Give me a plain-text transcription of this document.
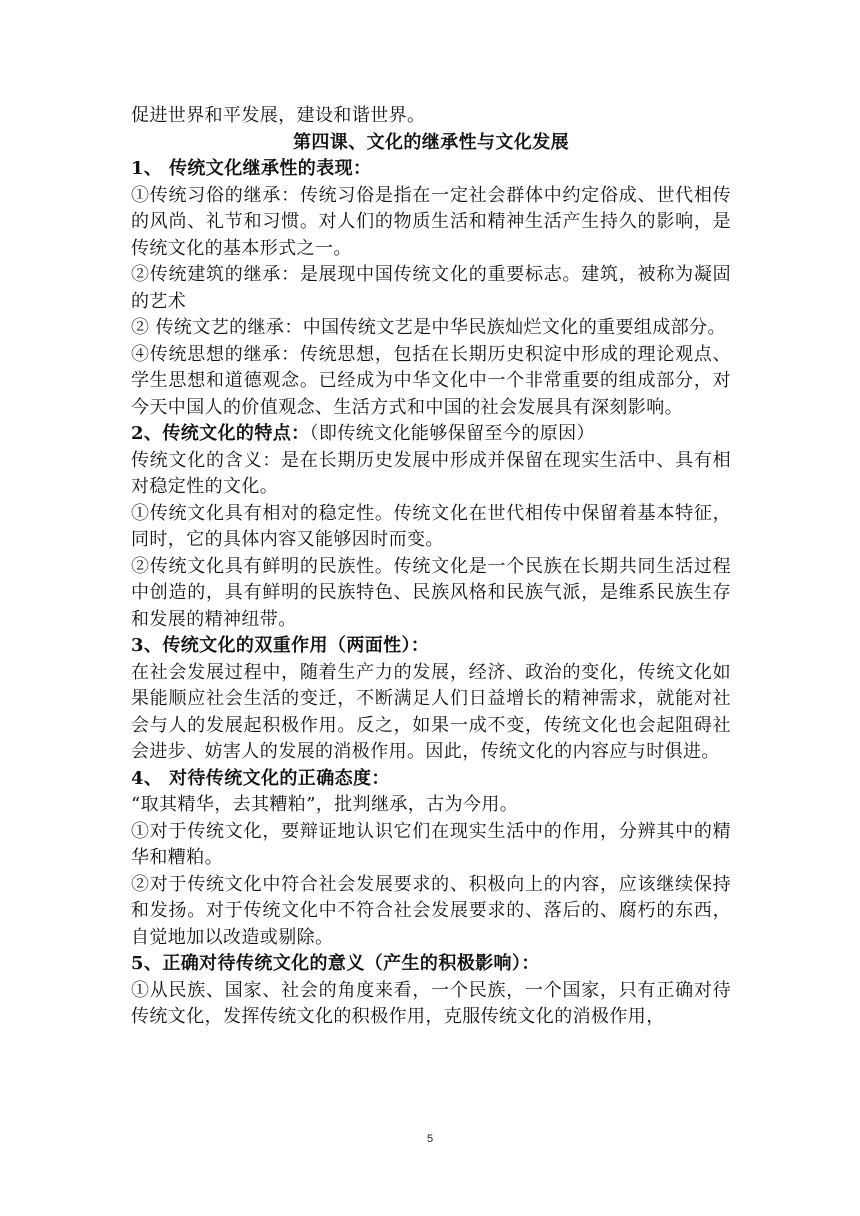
促进世界和平发展，建设和谐世界。

第四课、文化的继承性与文化发展

1、 传统文化继承性的表现：

①传统习俗的继承：传统习俗是指在一定社会群体中约定俗成、世代相传的风尚、礼节和习惯。对人们的物质生活和精神生活产生持久的影响，是传统文化的基本形式之一。

②传统建筑的继承：是展现中国传统文化的重要标志。建筑，被称为凝固的艺术

② 传统文艺的继承：中国传统文艺是中华民族灿烂文化的重要组成部分。

④传统思想的继承：传统思想，包括在长期历史积淀中形成的理论观点、学生思想和道德观念。已经成为中华文化中一个非常重要的组成部分，对今天中国人的价值观念、生活方式和中国的社会发展具有深刻影响。

2、传统文化的特点：（即传统文化能够保留至今的原因）

传统文化的含义：是在长期历史发展中形成并保留在现实生活中、具有相对稳定性的文化。

①传统文化具有相对的稳定性。传统文化在世代相传中保留着基本特征，同时，它的具体内容又能够因时而变。

②传统文化具有鲜明的民族性。传统文化是一个民族在长期共同生活过程中创造的，具有鲜明的民族特色、民族风格和民族气派，是维系民族生存和发展的精神纽带。

3、传统文化的双重作用（两面性）：

在社会发展过程中，随着生产力的发展，经济、政治的变化，传统文化如果能顺应社会生活的变迁，不断满足人们日益增长的精神需求，就能对社会与人的发展起积极作用。反之，如果一成不变，传统文化也会起阻碍社会进步、妨害人的发展的消极作用。因此，传统文化的内容应与时俱进。

4、 对待传统文化的正确态度：

“取其精华，去其糟粕”，批判继承，古为今用。

①对于传统文化，要辩证地认识它们在现实生活中的作用，分辨其中的精华和糟粕。

②对于传统文化中符合社会发展要求的、积极向上的内容，应该继续保持和发扬。对于传统文化中不符合社会发展要求的、落后的、腐朽的东西，自觉地加以改造或剔除。

5、正确对待传统文化的意义（产生的积极影响）：

①从民族、国家、社会的角度来看，一个民族，一个国家，只有正确对待传统文化，发挥传统文化的积极作用，克服传统文化的消极作用，

5
